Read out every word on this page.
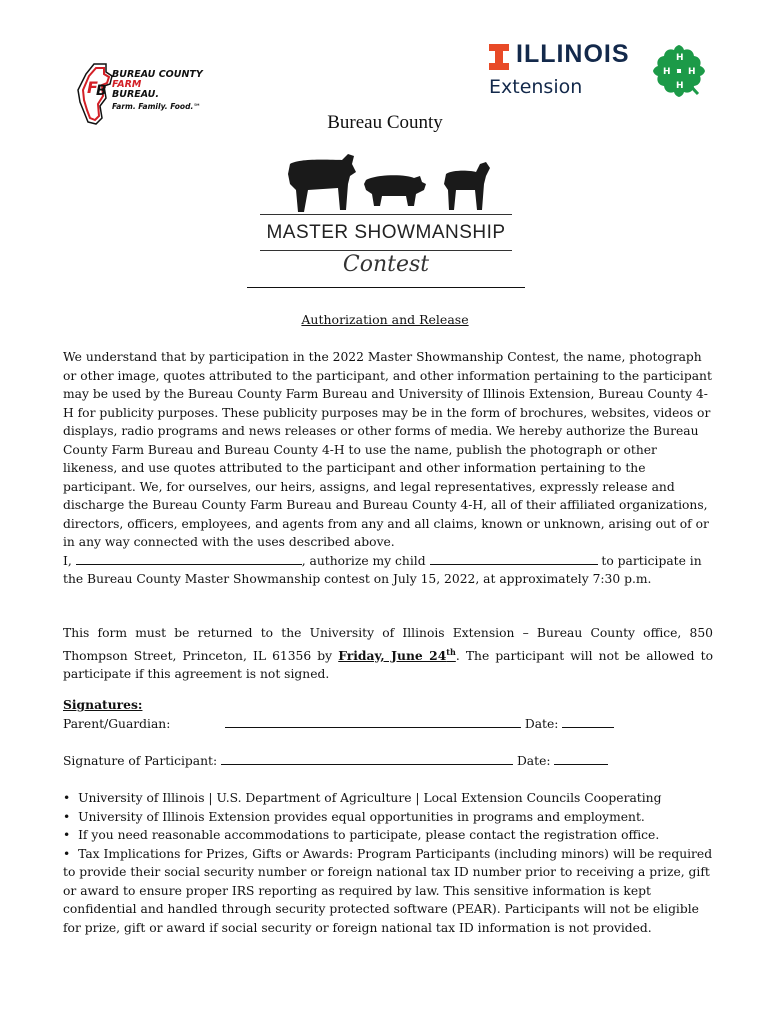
F
B
BUREAU COUNTY
FARM
BUREAU.
Farm. Family. Food.℠
ILLINOIS
Extension
H
H
H
H
Bureau County
MASTER SHOWMANSHIP
Contest
Authorization and Release
We understand that by participation in the 2022 Master Showmanship Contest, the name, photograph or other image, quotes attributed to the participant, and other information pertaining to the participant may be used by the Bureau County Farm Bureau and University of Illinois Extension, Bureau County 4-H for publicity purposes. These publicity purposes may be in the form of brochures, websites, videos or displays, radio programs and news releases or other forms of media. We hereby authorize the Bureau County Farm Bureau and Bureau County 4-H to use the name, publish the photograph or other likeness, and use quotes attributed to the participant and other information pertaining to the participant. We, for ourselves, our heirs, assigns, and legal representatives, expressly release and discharge the Bureau County Farm Bureau and Bureau County 4-H, all of their affiliated organizations, directors, officers, employees, and agents from any and all claims, known or unknown, arising out of or in any way connected with the uses described above.
I,	, authorize my child	to participate in the Bureau County Master Showmanship contest on July 15, 2022, at approximately 7:30 p.m.
This form must be returned to the University of Illinois Extension – Bureau County office, 850 Thompson Street, Princeton, IL 61356 by Friday, June 24th. The participant will not be allowed to participate if this agreement is not signed.
Signatures:
Parent/Guardian:	Date:
Signature of Participant:	Date:
•  University of Illinois | U.S. Department of Agriculture | Local Extension Councils Cooperating
•  University of Illinois Extension provides equal opportunities in programs and employment.
•  If you need reasonable accommodations to participate, please contact the registration office.
•  Tax Implications for Prizes, Gifts or Awards: Program Participants (including minors) will be required to provide their social security number or foreign national tax ID number prior to receiving a prize, gift or award to ensure proper IRS reporting as required by law. This sensitive information is kept confidential and handled through security protected software (PEAR). Participants will not be eligible for prize, gift or award if social security or foreign national tax ID information is not provided.
